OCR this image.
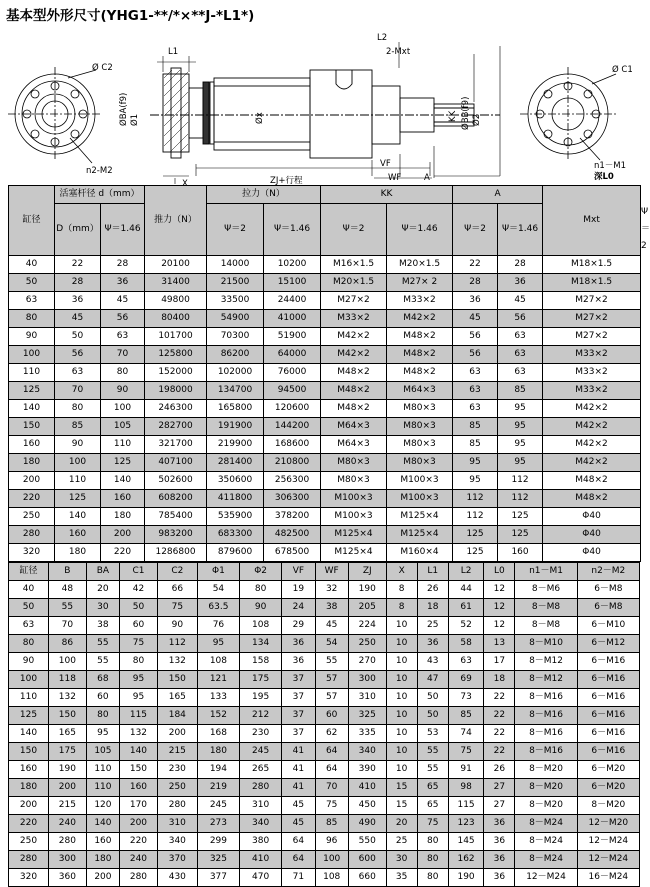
基本型外形尺寸(YHG1-**/*×**J-*L1*)
Ø C2
n2-M2
L1	2-Mxt
L2
VF
WF	A
ZJ+行程
X
Ø C1
n1－M1
深L0
ØBA(f9) Ø1	Øx	KK ØBB(f9) Ø2
缸径	活塞杆径 d（mm）		推力（N）	拉力（N）		KK		A		Mxt	
	D（mm）	Ψ＝1.46		Ψ＝2	Ψ＝1.46	Ψ＝2	Ψ＝1.46	Ψ＝2	Ψ＝1.46		Ψ＝2
40	22	28	20100	14000	10200	M16×1.5	M20×1.5	22	28	M18×1.5	
50	28	36	31400	21500	15100	M20×1.5	M27× 2	28	36	M18×1.5	
63	36	45	49800	33500	24400	M27×2	M33×2	36	45	M27×2	
80	45	56	80400	54900	41000	M33×2	M42×2	45	56	M27×2	
90	50	63	101700	70300	51900	M42×2	M48×2	56	63	M27×2	
100	56	70	125800	86200	64000	M42×2	M48×2	56	63	M33×2	
110	63	80	152000	102000	76000	M48×2	M48×2	63	63	M33×2	
125	70	90	198000	134700	94500	M48×2	M64×3	63	85	M33×2	
140	80	100	246300	165800	120600	M48×2	M80×3	63	95	M42×2	
150	85	105	282700	191900	144200	M64×3	M80×3	85	95	M42×2	
160	90	110	321700	219900	168600	M64×3	M80×3	85	95	M42×2	
180	100	125	407100	281400	210800	M80×3	M80×3	95	95	M42×2	
200	110	140	502600	350600	256300	M80×3	M100×3	95	112	M48×2	
220	125	160	608200	411800	306300	M100×3	M100×3	112	112	M48×2	
250	140	180	785400	535900	378200	M100×3	M125×4	112	125	Φ40	
280	160	200	983200	683300	482500	M125×4	M125×4	125	125	Φ40	
320	180	220	1286800	879600	678500	M125×4	M160×4	125	160	Φ40	
缸径	B	BA	C1	C2	Φ1	Φ2	VF	WF	ZJ	X	L1	L2	L0	n1－M1	n2－M2
40	48	20	42	66	54	80	19	32	190	8	26	44	12	8－M6	6－M8
50	55	30	50	75	63.5	90	24	38	205	8	18	61	12	8－M8	6－M8
63	70	38	60	90	76	108	29	45	224	10	25	52	12	8－M8	6－M10
80	86	55	75	112	95	134	36	54	250	10	36	58	13	8－M10	6－M12
90	100	55	80	132	108	158	36	55	270	10	43	63	17	8－M12	6－M16
100	118	68	95	150	121	175	37	57	300	10	47	69	18	8－M12	6－M16
110	132	60	95	165	133	195	37	57	310	10	50	73	22	8－M16	6－M16
125	150	80	115	184	152	212	37	60	325	10	50	85	22	8－M16	6－M16
140	165	95	132	200	168	230	37	62	335	10	53	74	22	8－M16	6－M16
150	175	105	140	215	180	245	41	64	340	10	55	75	22	8－M16	6－M16
160	190	110	150	230	194	265	41	64	390	10	55	91	26	8－M20	6－M20
180	200	110	160	250	219	280	41	70	410	15	65	98	27	8－M20	6－M20
200	215	120	170	280	245	310	45	75	450	15	65	115	27	8－M20	8－M20
220	240	140	200	310	273	340	45	85	490	20	75	123	36	8－M24	12－M20
250	280	160	220	340	299	380	64	96	550	25	80	145	36	8－M24	12－M24
280	300	180	240	370	325	410	64	100	600	30	80	162	36	8－M24	12－M24
320	360	200	280	430	377	470	71	108	660	35	80	190	36	12－M24	16－M24
